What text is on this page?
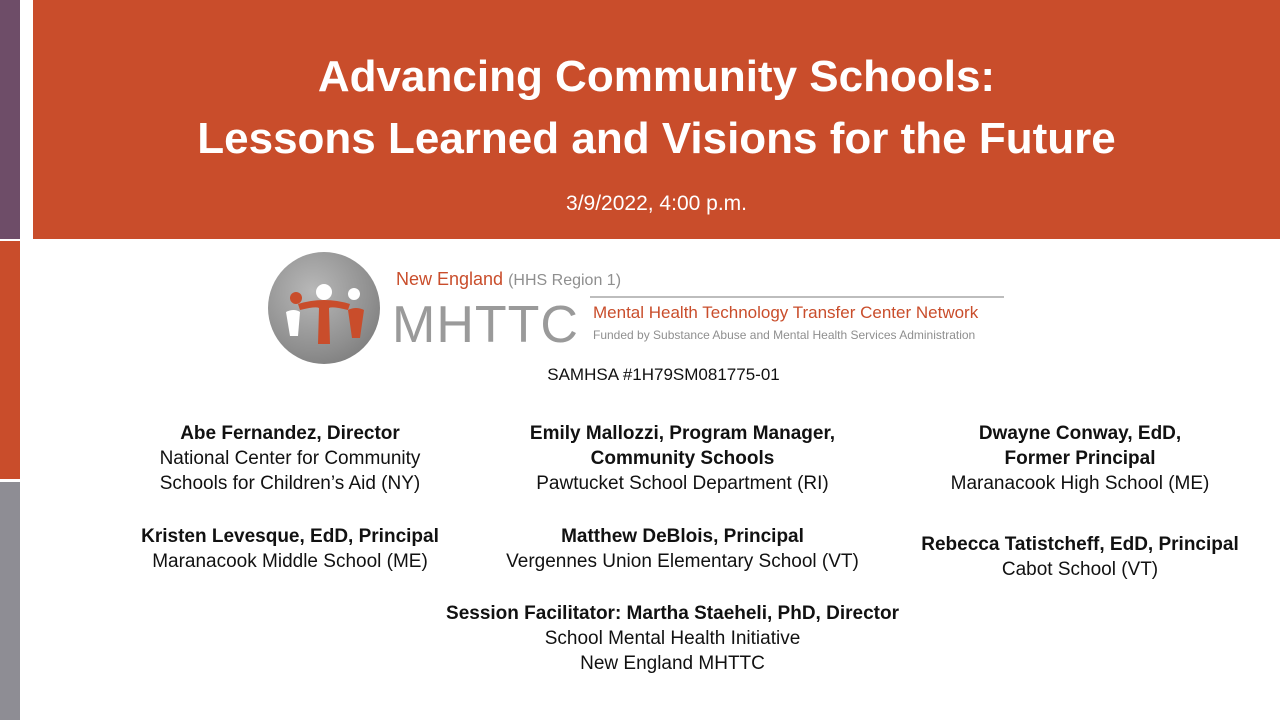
Advancing Community Schools:
Lessons Learned and Visions for the Future
3/9/2022, 4:00 p.m.
New England (HHS Region 1)
MHTTC Mental Health Technology Transfer Center Network
Funded by Substance Abuse and Mental Health Services Administration
SAMHSA #1H79SM081775-01
Abe Fernandez, Director
National Center for Community
Schools for Children’s Aid (NY)
Emily Mallozzi, Program Manager,
Community Schools
Pawtucket School Department (RI)
Dwayne Conway, EdD,
Former Principal
Maranacook High School (ME)
Kristen Levesque, EdD, Principal
Maranacook Middle School (ME)
Matthew DeBlois, Principal
Vergennes Union Elementary School (VT)
Rebecca Tatistcheff, EdD, Principal
Cabot School (VT)
Session Facilitator: Martha Staeheli, PhD, Director
School Mental Health Initiative
New England MHTTC
